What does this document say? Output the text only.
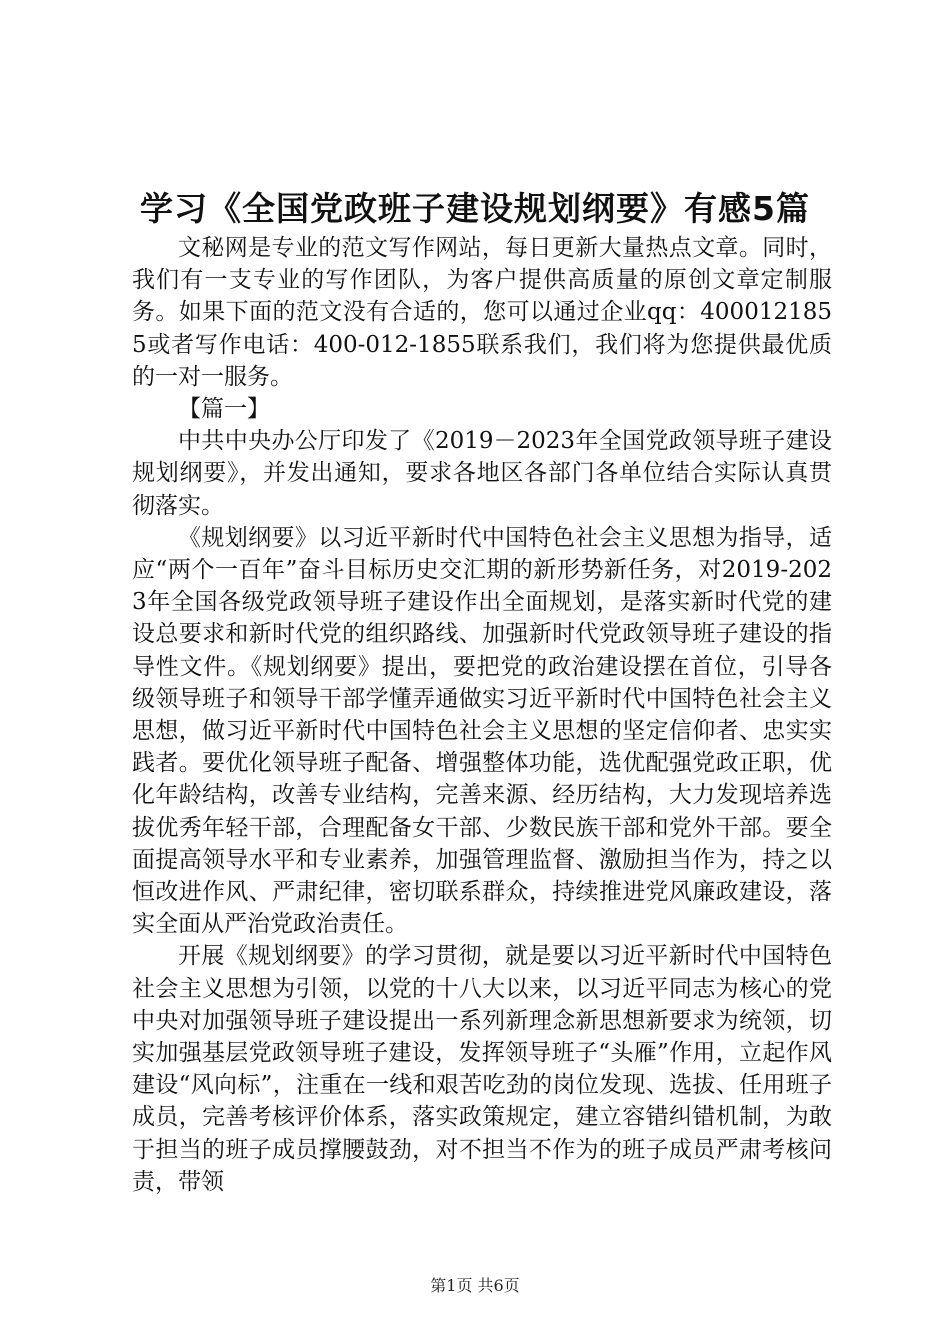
学习《全国党政班子建设规划纲要》有感5篇

文秘网是专业的范文写作网站，每日更新大量热点文章。同时，我们有一支专业的写作团队，为客户提供高质量的原创文章定制服务。如果下面的范文没有合适的，您可以通过企业qq：4000121855或者写作电话：400-012-1855联系我们，我们将为您提供最优质的一对一服务。

【篇一】

中共中央办公厅印发了《2019－2023年全国党政领导班子建设规划纲要》，并发出通知，要求各地区各部门各单位结合实际认真贯彻落实。

《规划纲要》以习近平新时代中国特色社会主义思想为指导，适应“两个一百年”奋斗目标历史交汇期的新形势新任务，对2019-2023年全国各级党政领导班子建设作出全面规划，是落实新时代党的建设总要求和新时代党的组织路线、加强新时代党政领导班子建设的指导性文件。《规划纲要》提出，要把党的政治建设摆在首位，引导各级领导班子和领导干部学懂弄通做实习近平新时代中国特色社会主义思想，做习近平新时代中国特色社会主义思想的坚定信仰者、忠实实践者。要优化领导班子配备、增强整体功能，选优配强党政正职，优化年龄结构，改善专业结构，完善来源、经历结构，大力发现培养选拔优秀年轻干部，合理配备女干部、少数民族干部和党外干部。要全面提高领导水平和专业素养，加强管理监督、激励担当作为，持之以恒改进作风、严肃纪律，密切联系群众，持续推进党风廉政建设，落实全面从严治党政治责任。

开展《规划纲要》的学习贯彻，就是要以习近平新时代中国特色社会主义思想为引领，以党的十八大以来，以习近平同志为核心的党中央对加强领导班子建设提出一系列新理念新思想新要求为统领，切实加强基层党政领导班子建设，发挥领导班子“头雁”作用，立起作风建设“风向标”，注重在一线和艰苦吃劲的岗位发现、选拔、任用班子成员，完善考核评价体系，落实政策规定，建立容错纠错机制，为敢于担当的班子成员撑腰鼓劲，对不担当不作为的班子成员严肃考核问责，带领

第1页 共6页
